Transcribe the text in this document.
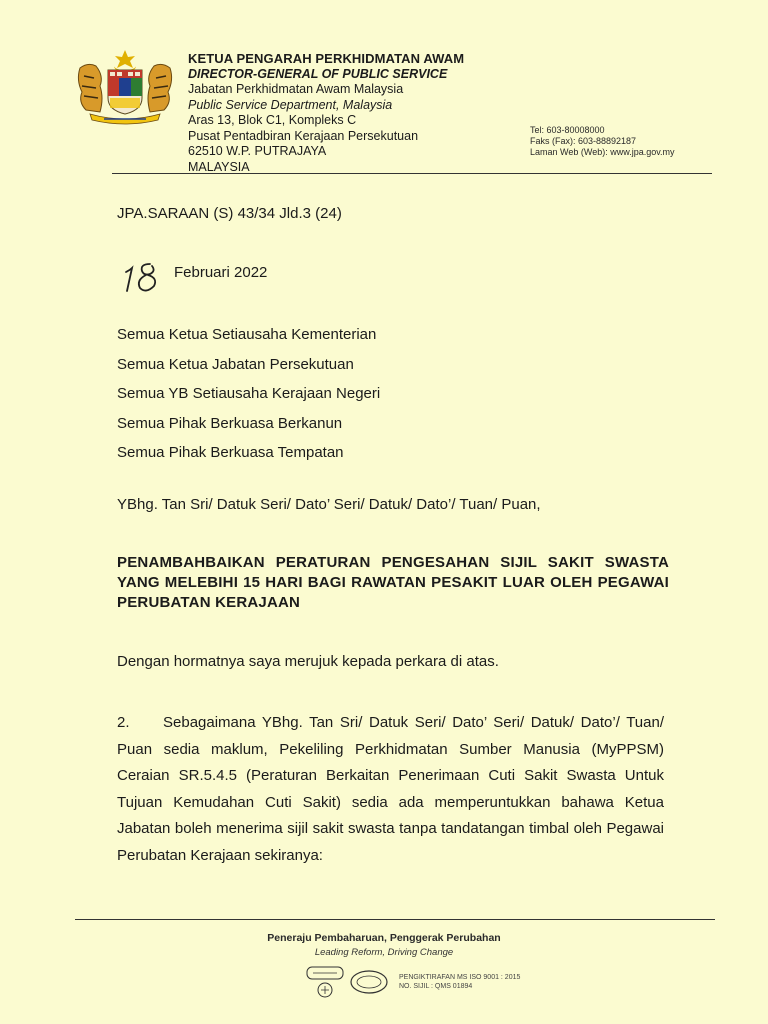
KETUA PENGARAH PERKHIDMATAN AWAM
DIRECTOR-GENERAL OF PUBLIC SERVICE
Jabatan Perkhidmatan Awam Malaysia
Public Service Department, Malaysia
Aras 13, Blok C1, Kompleks C
Pusat Pentadbiran Kerajaan Persekutuan
62510 W.P. PUTRAJAYA
MALAYSIA
Tel: 603-80008000
Faks (Fax): 603-88892187
Laman Web (Web): www.jpa.gov.my
JPA.SARAAN (S) 43/34 Jld.3 (24)
Februari 2022
Semua Ketua Setiausaha Kementerian
Semua Ketua Jabatan Persekutuan
Semua YB Setiausaha Kerajaan Negeri
Semua Pihak Berkuasa Berkanun
Semua Pihak Berkuasa Tempatan
YBhg. Tan Sri/ Datuk Seri/ Dato’ Seri/ Datuk/ Dato’/ Tuan/ Puan,
PENAMBAHBAIKAN PERATURAN PENGESAHAN SIJIL SAKIT SWASTA YANG MELEBIHI 15 HARI BAGI RAWATAN PESAKIT LUAR OLEH PEGAWAI PERUBATAN KERAJAAN
Dengan hormatnya saya merujuk kepada perkara di atas.
2. Sebagaimana YBhg. Tan Sri/ Datuk Seri/ Dato’ Seri/ Datuk/ Dato’/ Tuan/ Puan sedia maklum, Pekeliling Perkhidmatan Sumber Manusia (MyPPSM) Ceraian SR.5.4.5 (Peraturan Berkaitan Penerimaan Cuti Sakit Swasta Untuk Tujuan Kemudahan Cuti Sakit) sedia ada memperuntukkan bahawa Ketua Jabatan boleh menerima sijil sakit swasta tanpa tandatangan timbal oleh Pegawai Perubatan Kerajaan sekiranya:
Peneraju Pembaharuan, Penggerak Perubahan
Leading Reform, Driving Change
PENGIKTIRAFAN MS ISO 9001 : 2015
NO. SIJIL : QMS 01894
